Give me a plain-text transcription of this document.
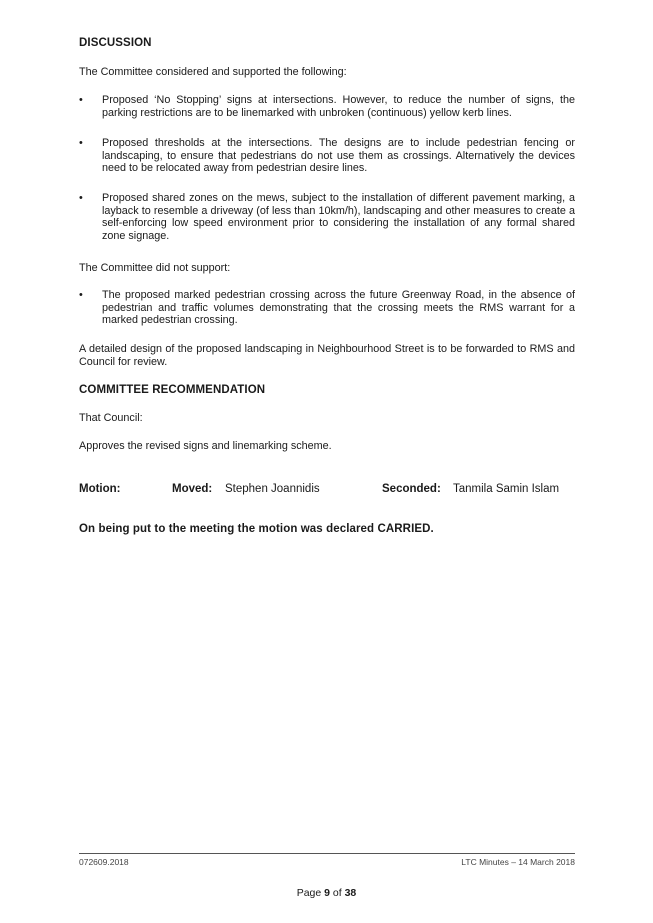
DISCUSSION
The Committee considered and supported the following:
•	Proposed ‘No Stopping’ signs at intersections. However, to reduce the number of signs, the parking restrictions are to be linemarked with unbroken (continuous) yellow kerb lines.
•	Proposed thresholds at the intersections. The designs are to include pedestrian fencing or landscaping, to ensure that pedestrians do not use them as crossings. Alternatively the devices need to be relocated away from pedestrian desire lines.
•	Proposed shared zones on the mews, subject to the installation of different pavement marking, a layback to resemble a driveway (of less than 10km/h), landscaping and other measures to create a self-enforcing low speed environment prior to considering the installation of any formal shared zone signage.
The Committee did not support:
•	The proposed marked pedestrian crossing across the future Greenway Road, in the absence of pedestrian and traffic volumes demonstrating that the crossing meets the RMS warrant for a marked pedestrian crossing.
A detailed design of the proposed landscaping in Neighbourhood Street is to be forwarded to RMS and Council for review.
COMMITTEE RECOMMENDATION
That Council:
Approves the revised signs and linemarking scheme.
Motion:	Moved: Stephen Joannidis	Seconded: Tanmila Samin Islam
On being put to the meeting the motion was declared CARRIED.
072609.2018	LTC Minutes – 14 March 2018
Page 9 of 38
